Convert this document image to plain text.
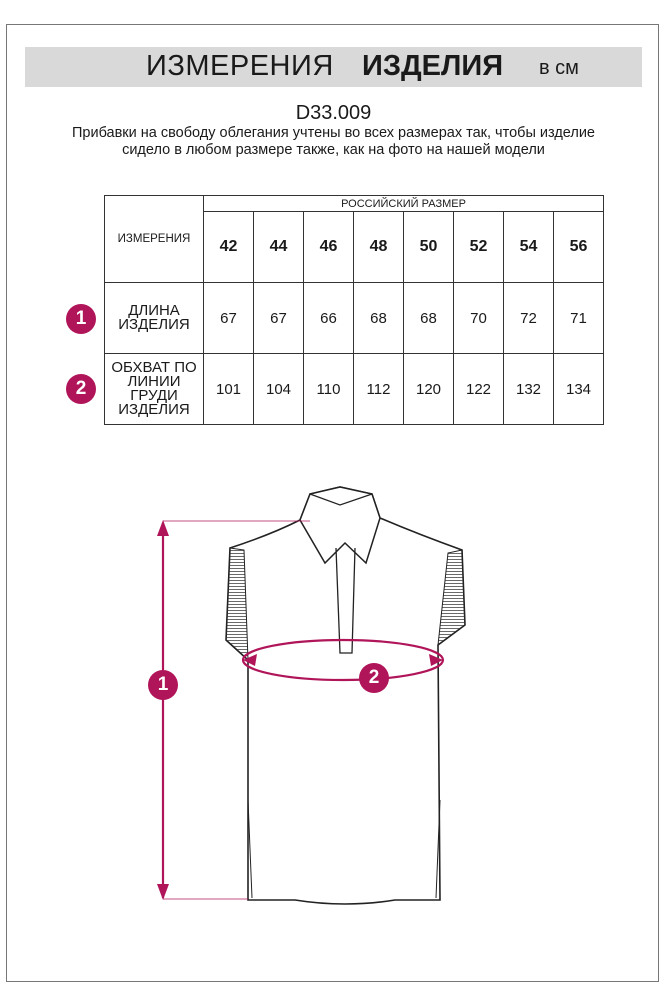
ИЗМЕРЕНИЯ ИЗДЕЛИЯ в см
D33.009
Прибавки на свободу облегания учтены во всех размерах так, чтобы изделие сидело в любом размере также, как на фото на нашей модели
ИЗМЕРЕНИЯ	РОССИЙСКИЙ РАЗМЕР							
	42	44	46	48	50	52	54	56
ДЛИНА ИЗДЕЛИЯ	67	67	66	68	68	70	72	71
ОБХВАТ ПО ЛИНИИ ГРУДИ ИЗДЕЛИЯ	101	104	110	112	120	122	132	134
1
2
1	2
